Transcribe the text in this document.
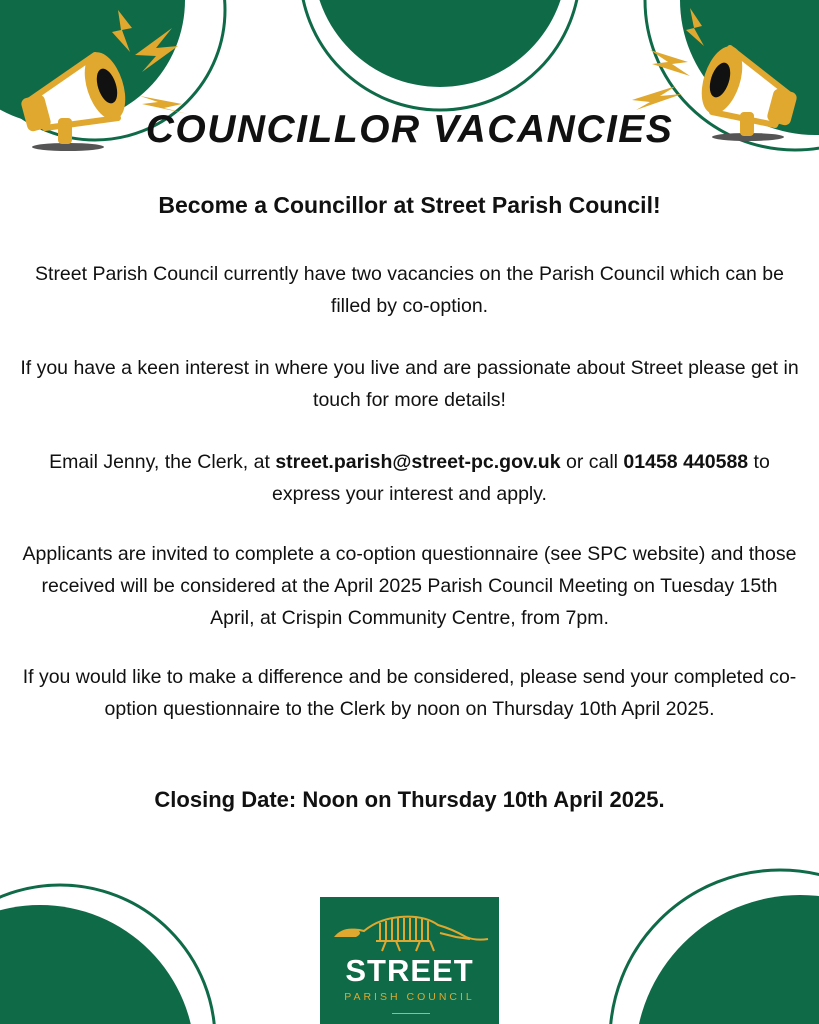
COUNCILLOR VACANCIES
Become a Councillor at Street Parish Council!
Street Parish Council currently have two vacancies on the Parish Council which can be filled by co-option.
If you have a keen interest in where you live and are passionate about Street please get in touch for more details!
Email Jenny, the Clerk, at street.parish@street-pc.gov.uk or call 01458 440588 to express your interest and apply.
Applicants are invited to complete a co-option questionnaire (see SPC website) and those received will be considered at the April 2025 Parish Council Meeting on Tuesday 15th April, at Crispin Community Centre, from 7pm.
If you would like to make a difference and be considered, please send your completed co-option questionnaire to the Clerk by noon on Thursday 10th April 2025.
Closing Date: Noon on Thursday 10th April 2025.
STREET
PARISH COUNCIL
